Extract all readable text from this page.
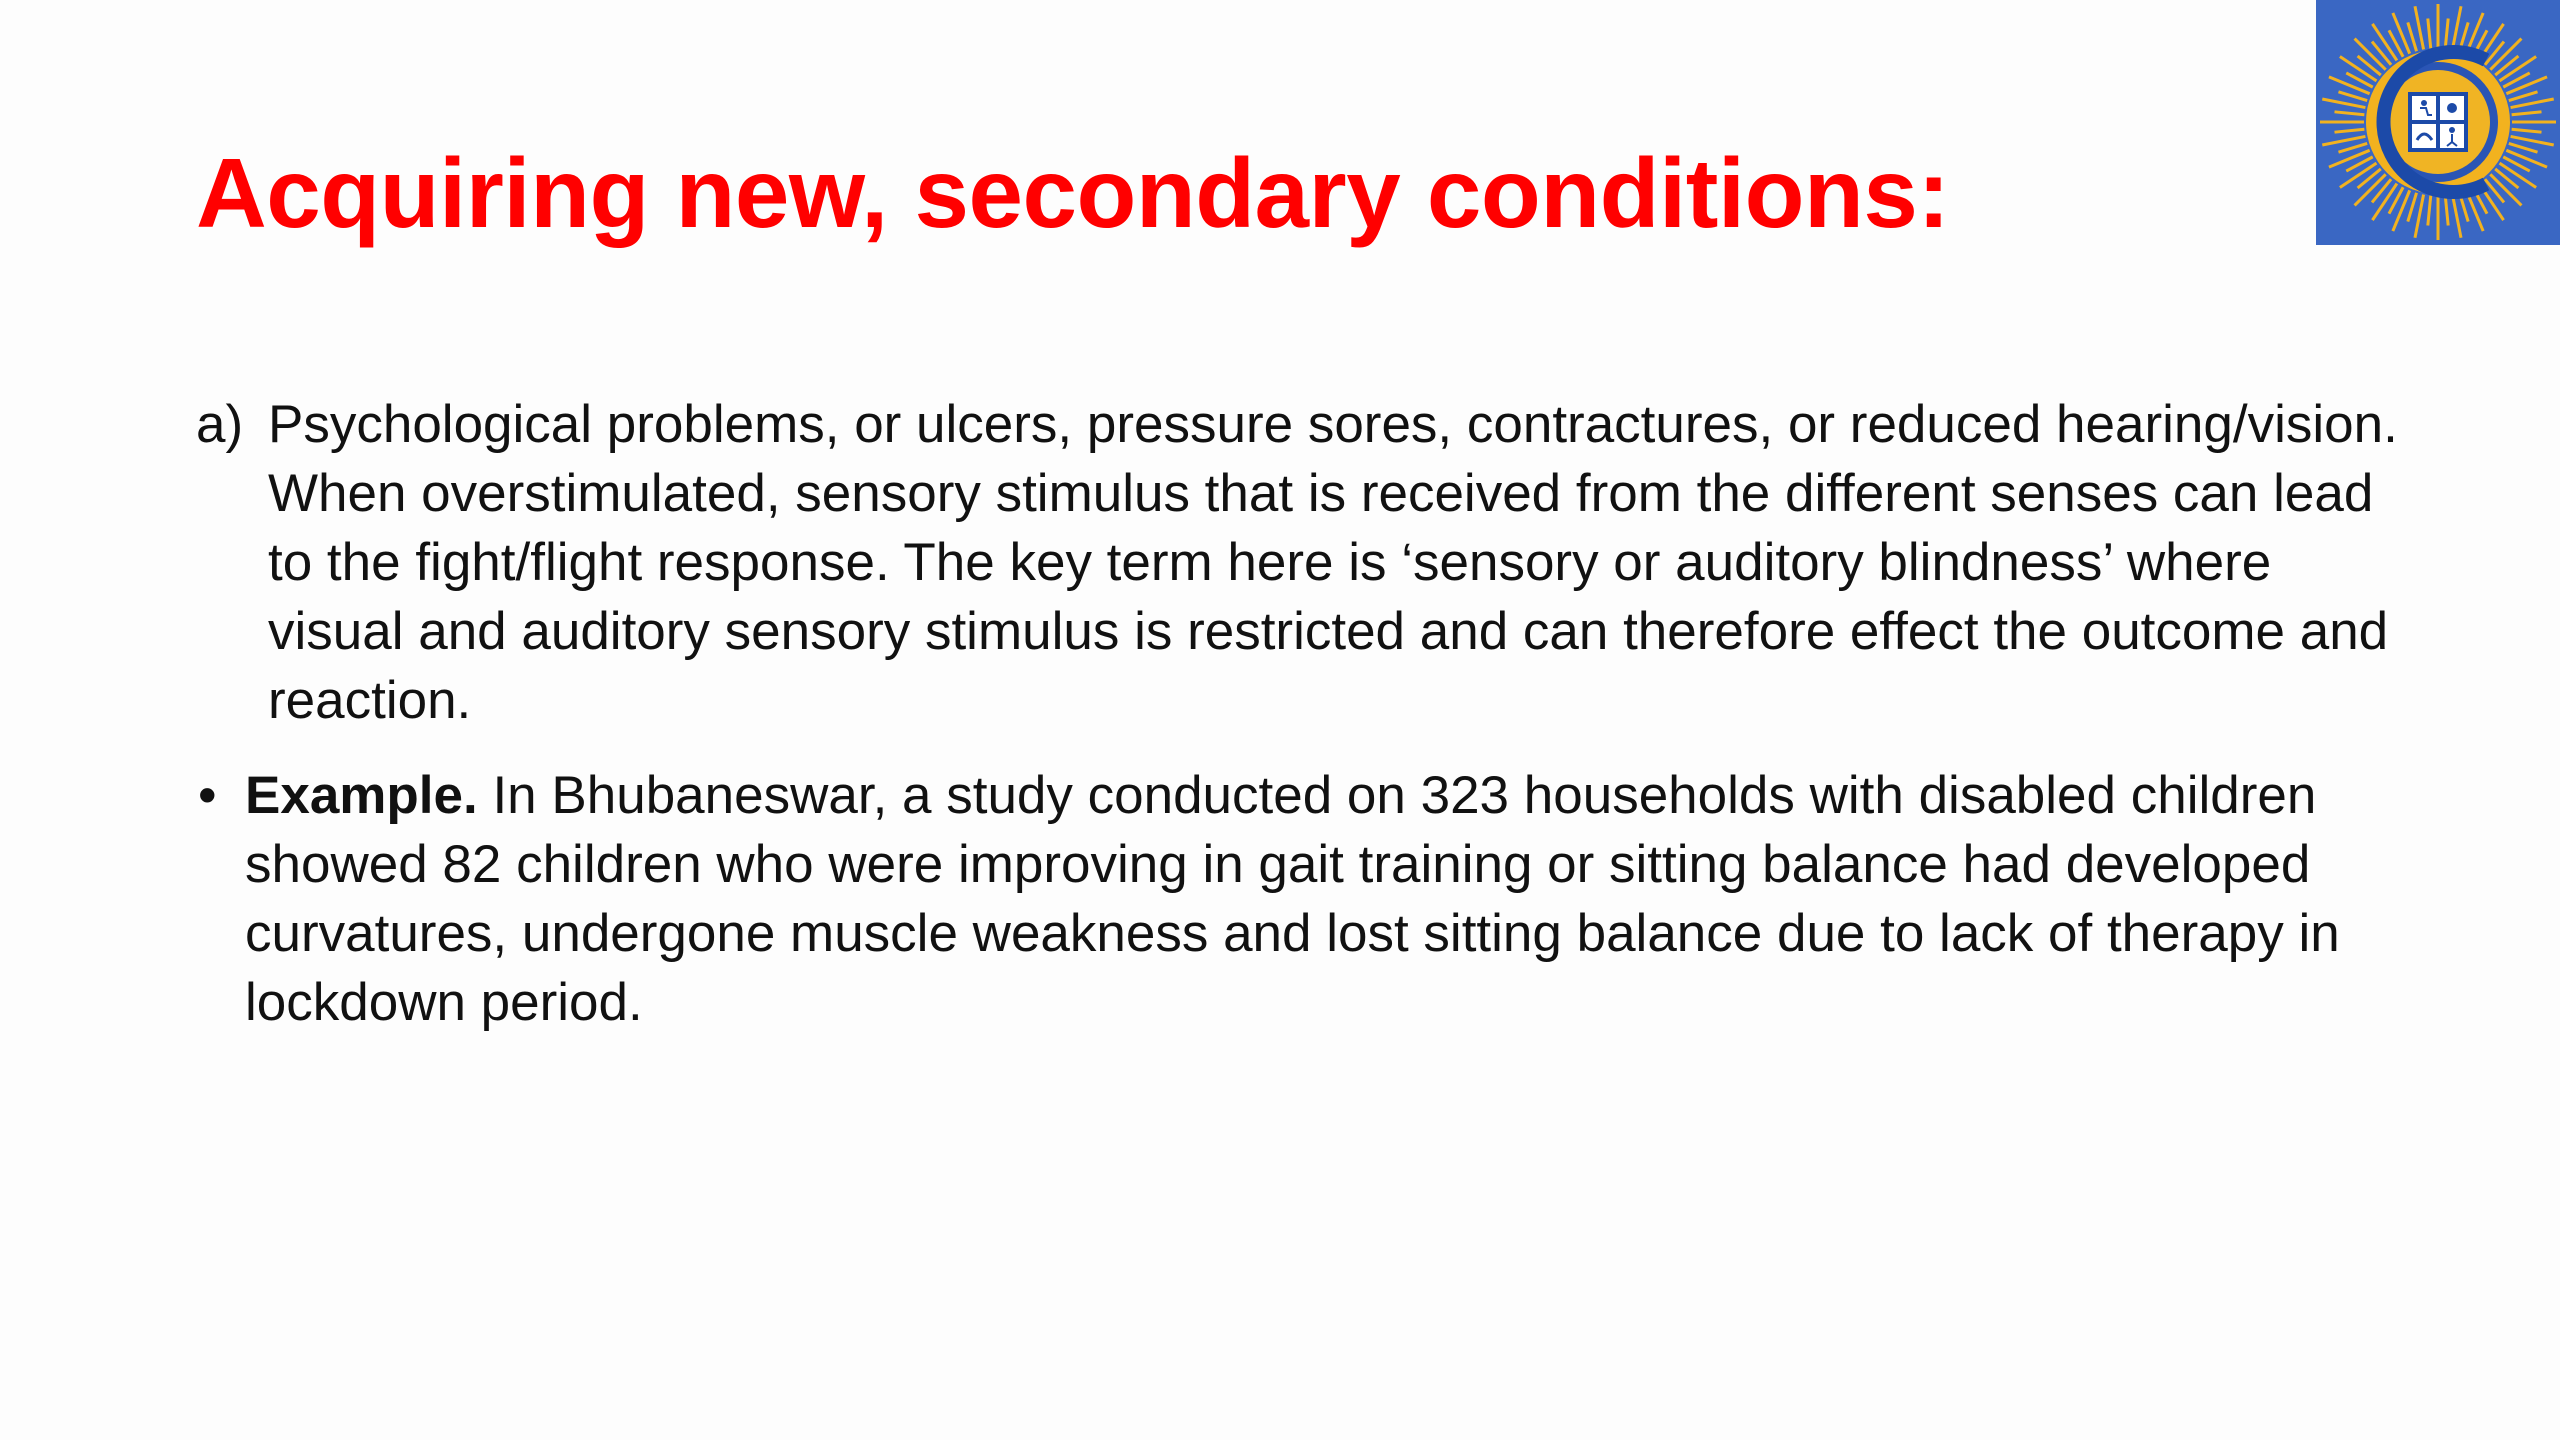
Acquiring new, secondary conditions:

a) Psychological problems, or ulcers, pressure sores, contractures, or reduced hearing/vision. When overstimulated, sensory stimulus that is received from the different senses can lead to the fight/flight response. The key term here is ‘sensory or auditory blindness’ where visual and auditory sensory stimulus is restricted and can therefore effect the outcome and reaction.

• Example. In Bhubaneswar, a study conducted on 323 households with disabled children showed 82 children who were improving in gait training or sitting balance had developed curvatures, undergone muscle weakness and lost sitting balance due to lack of therapy in lockdown period.
